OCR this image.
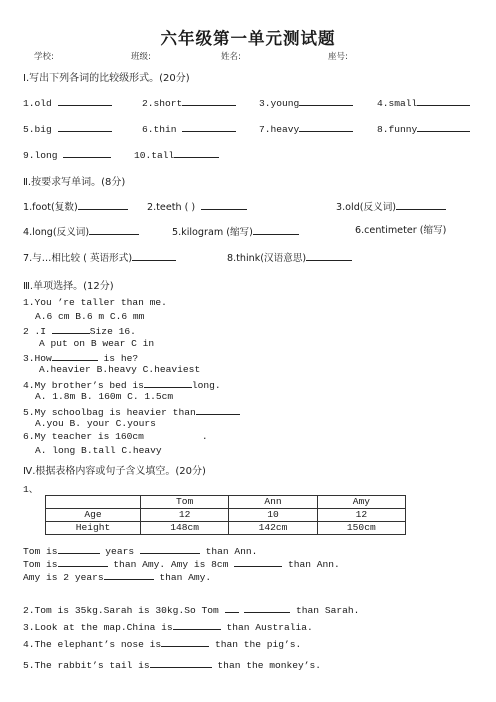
六年级第一单元测试题
学校:	班级:	姓名:	座号:
Ⅰ.写出下列各词的比较级形式。(20分)
1.old	2.short	3.young	4.small
5.big	6.thin	7.heavy	8.funny
9.long	10.tall
Ⅱ.按要求写单词。(8分)
1.foot(复数)	2.teeth ( )	3.old(反义词)
4.long(反义词)	5.kilogram (缩写)	6.centimeter (缩写)
7.与…相比较 ( 英语形式)	8.think(汉语意思)
Ⅲ.单项选择。(12分)
1.You ’re taller than me.
A.6 cm B.6 m C.6 mm
2 .I	Size 16.
A put on B wear C in
3.How	is he?
A.heavier B.heavy C.heaviest
4.My brother’s bed is	long.
A. 1.8m B. 160m C. 1.5cm
5.My schoolbag is heavier than
A.you B. your C.yours
6.My teacher is 160cm	.
A. long B.tall C.heavy
Ⅳ.根据表格内容或句子含义填空。(20分)
1、
	Tom	Ann	Amy
Age	12	10	12
Height	148cm	142cm	150cm
Tom is	years	than Ann.
Tom is	than Amy. Amy is 8cm	than Ann.
Amy is 2 years	than Amy.
2.Tom is 35kg.Sarah is 30kg.So Tom	than Sarah.
3.Look at the map.China is	than Australia.
4.The elephant’s nose is	than the pig’s.
5.The rabbit’s tail is	than the monkey’s.
